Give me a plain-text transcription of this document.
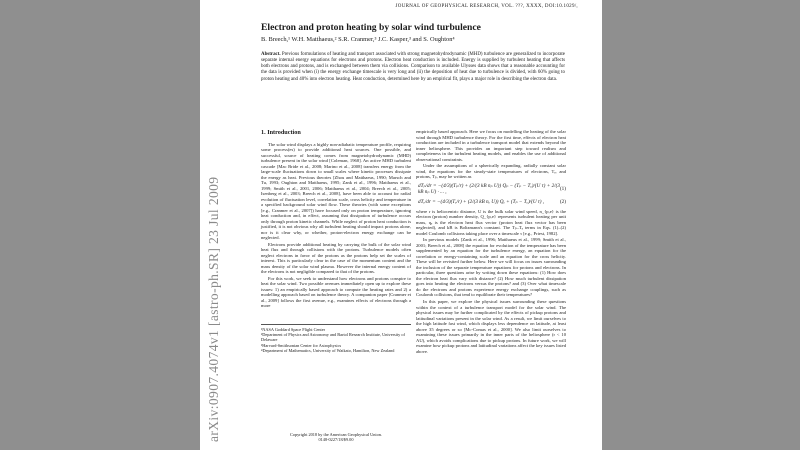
JOURNAL OF GEOPHYSICAL RESEARCH, VOL. ???, XXXX, DOI:10.1029/,
Electron and proton heating by solar wind turbulence
B. Breech,¹ W.H. Matthaeus,² S.R. Cranmer,³ J.C. Kasper,³ and S. Oughton⁴
Abstract. Previous formulations of heating and transport associated with strong magnetohydrodynamic (MHD) turbulence are generalized to incorporate separate internal energy equations for electrons and protons. Electron heat conduction is included. Energy is supplied by turbulent heating that affects both electrons and protons, and is exchanged between them via collisions. Comparison to available Ulysses data shows that a reasonable accounting for the data is provided when (i) the energy exchange timescale is very long and (ii) the deposition of heat due to turbulence is divided, with 60% going to proton heating and 40% into electron heating. Heat conduction, determined here by an empirical fit, plays a major role in describing the electron data.
1. Introduction

The solar wind displays a highly non-adiabatic temperature profile, requiring some process(es) to provide additional heat sources. One possible, and successful, source of heating comes from magnetohydrodynamic (MHD) turbulence present in the solar wind [Coleman, 1968]. An active MHD turbulent cascade [Mac Bride et al., 2008; Marino et al., 2008] transfers energy from the large-scale fluctuations down to small scales where kinetic processes dissipate the energy as heat. Previous theories [Zhou and Matthaeus, 1990; Marsch and Tu, 1993; Oughton and Matthaeus, 1995; Zank et al., 1996; Matthaeus et al., 1999; Smith et al., 2001, 2006; Matthaeus et al., 2004; Breech et al., 2005; Isenberg et al., 2003; Breech et al., 2008], have been able to account for radial evolution of fluctuation level, correlation scale, cross helicity and temperature in a specified background solar wind flow. These theories (with some exceptions [e.g., Cranmer et al., 2007]) have focused only on proton temperature, ignoring heat conduction and, in effect, assuming that dissipation of turbulence occurs only through proton kinetic channels. While neglect of proton heat conduction is justified, it is not obvious why all turbulent heating should impact protons alone, nor is it clear why, or whether, proton-electron energy exchange can be neglected.

Electrons provide additional heating by carrying the bulk of the solar wind heat flux and through collisions with the protons. Turbulence models often neglect electrons in favor of the protons as the protons help set the scales of interest. This is particularly clear in the case of the momentum content and the mass density of the solar wind plasma. However the internal energy content of the electrons is not negligible compared to that of the protons.

For this work, we seek to understand how electrons and protons conspire to heat the solar wind. Two possible avenues immediately open up to explore these issues: 1) an empirically based approach to compute the heating rates and 2) a modelling approach based on turbulence theory. A companion paper [Cranmer et al., 2009] follows the first avenue, e.g., examines effects of electrons through a more

empirically based approach. Here we focus on modelling the heating of the solar wind through MHD turbulence theory. For the first time, effects of electron heat conduction are included in a turbulence transport model that extends beyond the inner heliosphere. This provides an important step toward realism and completeness in the turbulent heating models, and enables the use of additional observational constraints.

Under the assumptions of a spherically expanding, radially constant solar wind, the equations for the steady-state temperatures of electrons, Tₑ, and protons, Tₚ, may be written as

dTₚ/dr = −(4/3)(Tₚ/r) + (2/(3 kB nₚ U)) Qₚ − (Tₚ − Tₑ)/(U τ) + 2/(3 kB nₚ U) · ... ,	(1)
dTₑ/dr = −(4/3)(Tₑ/r) + (2/(3 kB nₑ U)) Qₑ + (Tₚ − Tₑ)/(U τ) ,	(2)

where r is heliocentric distance, U is the bulk solar wind speed, n_{p,e} is the electron (proton) number density, Q_{p,e} represents turbulent heating per unit mass, qₑ is the electron heat flux vector (proton heat flux vector has been neglected), and kB is Boltzmann's constant. The Tₚ–Tₑ terms in Eqs. (1)–(2) model Coulomb collisions taking place over a timescale τ [e.g., Priest, 1982].

In previous models [Zank et al., 1996; Matthaeus et al., 1999; Smith et al., 2001; Breech et al., 2008] the equation for evolution of the temperature has been supplemented by an equation for the turbulence energy, an equation for the correlation or energy-containing scale and an equation for the cross helicity. These will be revisited further below. Here we will focus on issues surrounding the inclusion of the separate temperature equations for protons and electrons. In particular, three questions arise by writing down these equations: (1) How does the electron heat flux vary with distance? (2) How much turbulent dissipation goes into heating the electrons versus the protons? and (3) Over what timescale do the electrons and protons experience energy exchange couplings, such as Coulomb collisions, that tend to equilibrate their temperatures?

In this paper, we explore the physical issues surrounding these questions within the context of a turbulence transport model for the solar wind. The physical issues may be further complicated by the effects of pickup protons and latitudinal variations present in the solar wind. As a result, we limit ourselves to the high latitude fast wind, which displays less dependence on latitude, at least above 35 degrees or so [Mc-Comas et al., 2000]. We also limit ourselves to examining these issues primarily in the inner parts of the heliosphere (r < 10 AU), which avoids complications due to pickup protons. In future work, we will examine how pickup protons and latitudinal variations affect the key issues listed above.

¹NASA Goddard Space Flight Center
²Department of Physics and Astronomy and Bartol Research Institute, University of Delaware
³Harvard-Smithsonian Center for Astrophysics
⁴Department of Mathematics, University of Waikato, Hamilton, New Zealand
Copyright 2018 by the American Geophysical Union.
0148-0227/18/$9.00
arXiv:0907.4074v1 [astro-ph.SR] 23 Jul 2009
